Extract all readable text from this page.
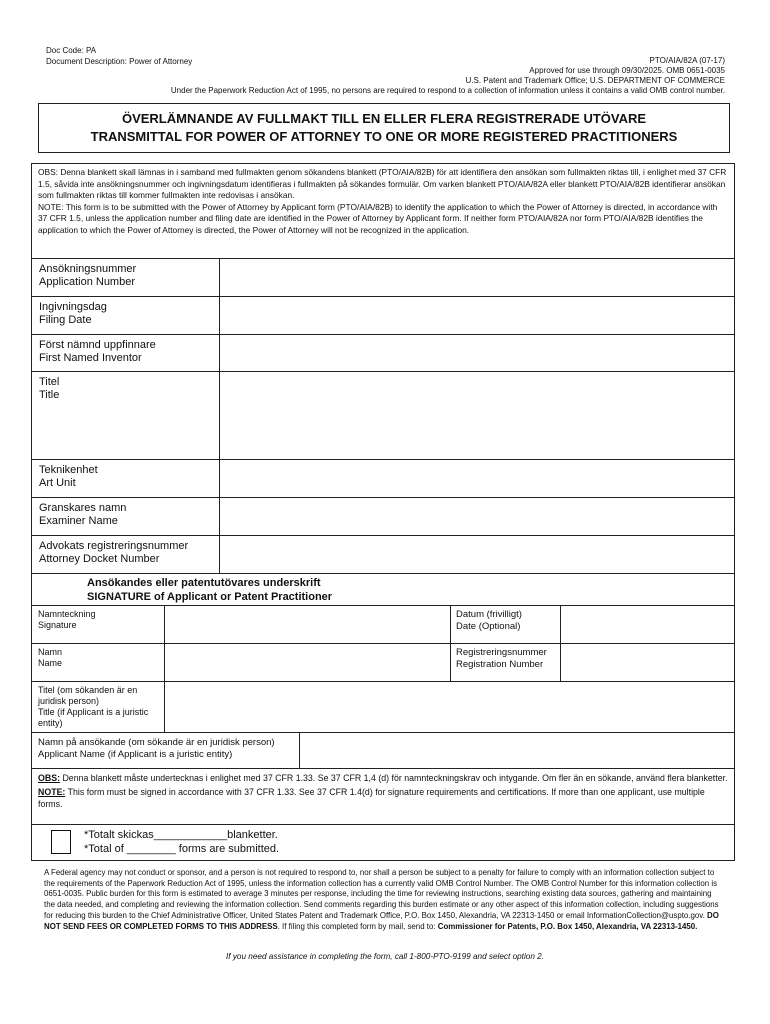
Doc Code: PA
Document Description: Power of Attorney	PTO/AIA/82A (07-17)
Approved for use through 09/30/2025. OMB 0651-0035
U.S. Patent and Trademark Office; U.S. DEPARTMENT OF COMMERCE
Under the Paperwork Reduction Act of 1995, no persons are required to respond to a collection of information unless it contains a valid OMB control number.
ÖVERLÄMNANDE AV FULLMAKT TILL EN ELLER FLERA REGISTRERADE UTÖVARE
TRANSMITTAL FOR POWER OF ATTORNEY TO ONE OR MORE REGISTERED PRACTITIONERS

OBS: Denna blankett skall lämnas in i samband med fullmakten genom sökandens blankett (PTO/AIA/82B) för att identifiera den ansökan som fullmakten riktas till, i enlighet med 37 CFR 1.5, såvida inte ansökningsnummer och ingivningsdatum identifieras i fullmakten på sökandes formulär. Om varken blankett PTO/AIA/82A eller blankett PTO/AIA/82B identifierar ansökan som fullmakten riktas till kommer fullmakten inte redovisas i ansökan.

NOTE: This form is to be submitted with the Power of Attorney by Applicant form (PTO/AIA/82B) to identify the application to which the Power of Attorney is directed, in accordance with 37 CFR 1.5, unless the application number and filing date are identified in the Power of Attorney by Applicant form. If neither form PTO/AIA/82A nor form PTO/AIA/82B identifies the application to which the Power of Attorney is directed, the Power of Attorney will not be recognized in the application.

Ansökningsnummer
Application Number
Ingivningsdag
Filing Date
Först nämnd uppfinnare
First Named Inventor
Titel
Title
Teknikenhet
Art Unit
Granskares namn
Examiner Name
Advokats registreringsnummer
Attorney Docket Number
Ansökandes eller patentutövares underskrift
SIGNATURE of Applicant or Patent Practitioner
Namnteckning
Signature
Datum (frivilligt)
Date (Optional)
Namn
Name
Registreringsnummer
Registration Number
Titel (om sökanden är en juridisk person)
Title (if Applicant is a juristic entity)
Namn på ansökande (om sökande är en juridisk person)
Applicant Name (if Applicant is a juristic entity)

OBS: Denna blankett måste undertecknas i enlighet med 37 CFR 1.33. Se 37 CFR 1,4 (d) för namnteckningskrav och intygande. Om fler än en sökande, använd flera blanketter.

NOTE: This form must be signed in accordance with 37 CFR 1.33. See 37 CFR 1.4(d) for signature requirements and certifications. If more than one applicant, use multiple forms.

*Totalt skickas____________blanketter.
*Total of ________ forms are submitted.
A Federal agency may not conduct or sponsor, and a person is not required to respond to, nor shall a person be subject to a penalty for failure to comply with an information collection subject to the requirements of the Paperwork Reduction Act of 1995, unless the information collection has a currently valid OMB Control Number. The OMB Control Number for this information collection is 0651-0035. Public burden for this form is estimated to average 3 minutes per response, including the time for reviewing instructions, searching existing data sources, gathering and maintaining the data needed, and completing and reviewing the information collection. Send comments regarding this burden estimate or any other aspect of this information collection, including suggestions for reducing this burden to the Chief Administrative Officer, United States Patent and Trademark Office, P.O. Box 1450, Alexandria, VA 22313-1450 or email InformationCollection@uspto.gov. DO NOT SEND FEES OR COMPLETED FORMS TO THIS ADDRESS. If filing this completed form by mail, send to: Commissioner for Patents, P.O. Box 1450, Alexandria, VA 22313-1450.
If you need assistance in completing the form, call 1-800-PTO-9199 and select option 2.
